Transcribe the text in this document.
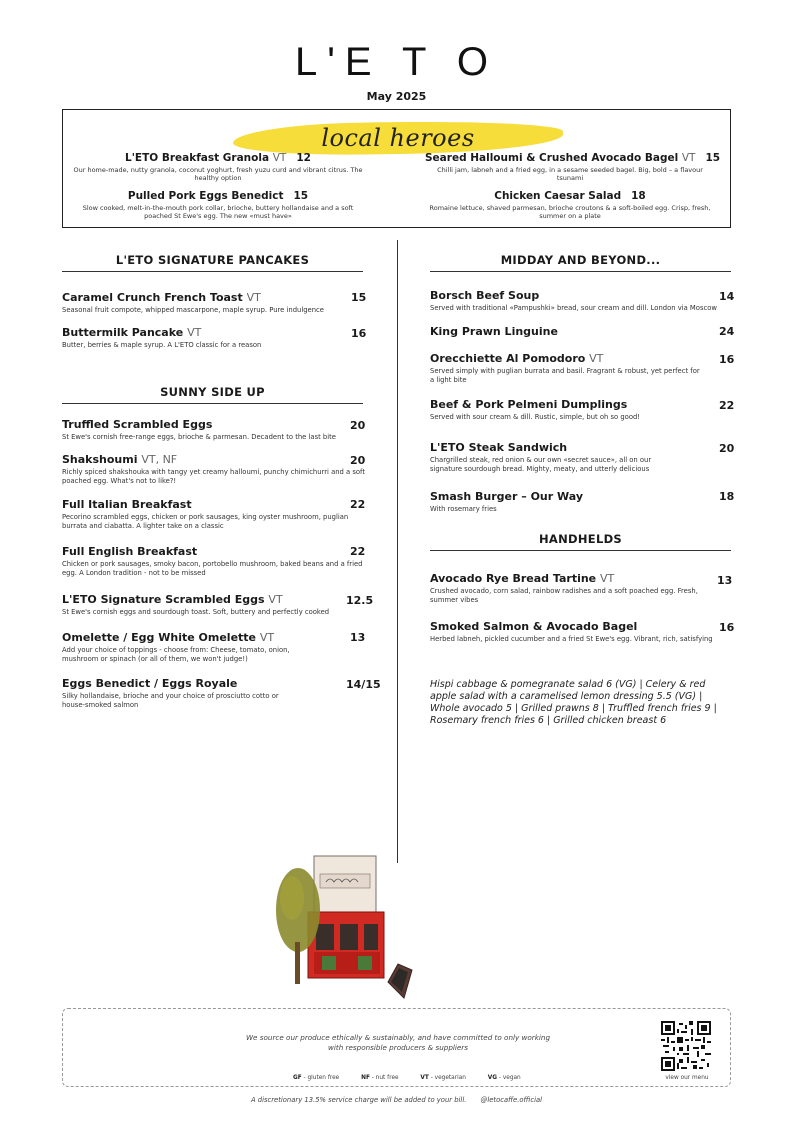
L'E T O
May 2025
local heroes
L'ETO Breakfast Granola VT 12
Our home-made, nutty granola, coconut yoghurt, fresh yuzu curd and vibrant citrus. The healthy option
Seared Halloumi & Crushed Avocado Bagel VT 15
Chilli jam, labneh and a fried egg, in a sesame seeded bagel. Big, bold – a flavour tsunami
Pulled Pork Eggs Benedict 15
Slow cooked, melt-in-the-mouth pork collar, brioche, buttery hollandaise and a soft poached St Ewe's egg. The new «must have»
Chicken Caesar Salad 18
Romaine lettuce, shaved parmesan, brioche croutons & a soft-boiled egg. Crisp, fresh, summer on a plate
L'ETO SIGNATURE PANCAKES
Caramel Crunch French Toast VT
Seasonal fruit compote, whipped mascarpone, maple syrup. Pure indulgence
15
Buttermilk Pancake VT
Butter, berries & maple syrup. A L'ETO classic for a reason
16
SUNNY SIDE UP
Truffled Scrambled Eggs
St Ewe's cornish free-range eggs, brioche & parmesan. Decadent to the last bite
20
Shakshoumi VT, NF
Richly spiced shakshouka with tangy yet creamy halloumi, punchy chimichurri and a soft poached egg. What's not to like?!
20
Full Italian Breakfast
Pecorino scrambled eggs, chicken or pork sausages, king oyster mushroom, puglian burrata and ciabatta. A lighter take on a classic
22
Full English Breakfast
Chicken or pork sausages, smoky bacon, portobello mushroom, baked beans and a fried egg. A London tradition - not to be missed
22
L'ETO Signature Scrambled Eggs VT
St Ewe's cornish eggs and sourdough toast. Soft, buttery and perfectly cooked
12.5
Omelette / Egg White Omelette VT
Add your choice of toppings - choose from: Cheese, tomato, onion, mushroom or spinach (or all of them, we won't judge!)
13
Eggs Benedict / Eggs Royale
Silky hollandaise, brioche and your choice of prosciutto cotto or house-smoked salmon
14/15
MIDDAY AND BEYOND...
Borsch Beef Soup
Served with traditional «Pampushki» bread, sour cream and dill. London via Moscow
14
King Prawn Linguine	24
Orecchiette Al Pomodoro VT
Served simply with puglian burrata and basil. Fragrant & robust, yet perfect for a light bite
16
Beef & Pork Pelmeni Dumplings
Served with sour cream & dill. Rustic, simple, but oh so good!
22
L'ETO Steak Sandwich
Chargrilled steak, red onion & our own «secret sauce», all on our signature sourdough bread. Mighty, meaty, and utterly delicious
20
Smash Burger – Our Way
With rosemary fries
18
HANDHELDS
Avocado Rye Bread Tartine VT
Crushed avocado, corn salad, rainbow radishes and a soft poached egg. Fresh, summer vibes
13
Smoked Salmon & Avocado Bagel
Herbed labneh, pickled cucumber and a fried St Ewe's egg. Vibrant, rich, satisfying
16
Hispi cabbage & pomegranate salad 6 (VG) | Celery & red apple salad with a caramelised lemon dressing 5.5 (VG) | Whole avocado 5 | Grilled prawns 8 | Truffled french fries 9 | Rosemary french fries 6 | Grilled chicken breast 6
We source our produce ethically & sustainably, and have committed to only working with responsible producers & suppliers
GF - gluten free	NF - nut free	VT - vegetarian	VG - vegan	view our menu
A discretionary 13.5% service charge will be added to your bill. @letocaffe.official
